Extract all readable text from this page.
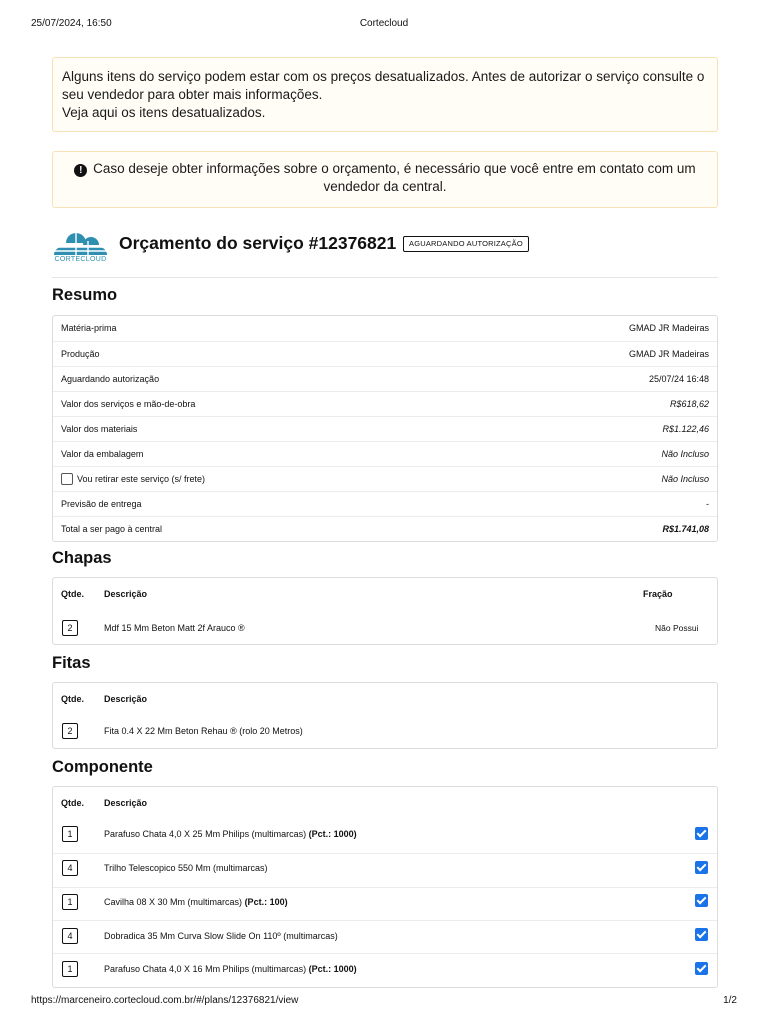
25/07/2024, 16:50	Cortecloud
Alguns itens do serviço podem estar com os preços desatualizados. Antes de autorizar o serviço consulte o seu vendedor para obter mais informações.
Veja aqui os itens desatualizados.
! Caso deseje obter informações sobre o orçamento, é necessário que você entre em contato com um vendedor da central.
CORTECLOUD
Orçamento do serviço #12376821	AGUARDANDO AUTORIZAÇÃO
Resumo
Matéria-prima	GMAD JR Madeiras
Produção	GMAD JR Madeiras
Aguardando autorização	25/07/24 16:48
Valor dos serviços e mão-de-obra	R$618,62
Valor dos materiais	R$1.122,46
Valor da embalagem	Não Incluso
Vou retirar este serviço (s/ frete)	Não Incluso
Previsão de entrega	-
Total a ser pago à central	R$1.741,08
Chapas
Qtde. Descrição	Fração
2	Mdf 15 Mm Beton Matt 2f Arauco ®	Não Possui
Fitas
Qtde. Descrição
2	Fita 0.4 X 22 Mm Beton Rehau ® (rolo 20 Metros)
Componente
Qtde. Descrição
1	Parafuso Chata 4,0 X 25 Mm Philips (multimarcas) (Pct.: 1000)
4	Trilho Telescopico 550 Mm (multimarcas)
1	Cavilha 08 X 30 Mm (multimarcas) (Pct.: 100)
4	Dobradica 35 Mm Curva Slow Slide On 110º (multimarcas)
1	Parafuso Chata 4,0 X 16 Mm Philips (multimarcas) (Pct.: 1000)
https://marceneiro.cortecloud.com.br/#/plans/12376821/view	1/2
